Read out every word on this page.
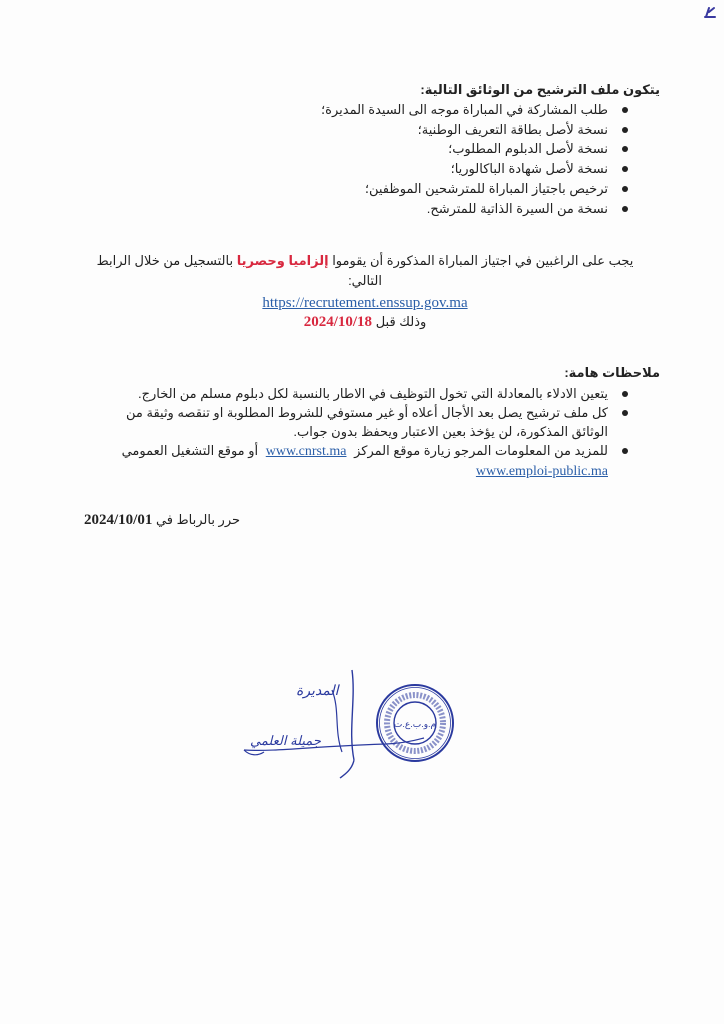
يتكون ملف الترشيح من الوثائق التالية:
طلب المشاركة في المباراة موجه الى السيدة المديرة؛
نسخة لأصل بطاقة التعريف الوطنية؛
نسخة لأصل الدبلوم المطلوب؛
نسخة لأصل شهادة الباكالوريا؛
ترخيص باجتياز المباراة للمترشحين الموظفين؛
نسخة من السيرة الذاتية للمترشح.
يجب على الراغبين في اجتياز المباراة المذكورة أن يقوموا إلزاميا وحصريا بالتسجيل من خلال الرابط التالي:
https://recrutement.enssup.gov.ma
وذلك قبل 2024/10/18
ملاحظات هامة:
يتعين الادلاء بالمعادلة التي تخول التوظيف في الاطار بالنسبة لكل دبلوم مسلم من الخارج.
كل ملف ترشيح يصل بعد الأجال أعلاه أو غير مستوفي للشروط المطلوبة او تنقصه وثيقة من الوثائق المذكورة، لن يؤخذ بعين الاعتبار ويحفظ بدون جواب.
للمزيد من المعلومات المرجو زيارة موقع المركز www.cnrst.ma أو موقع التشغيل العمومي
www.emploi-public.ma
حرر بالرباط في 2024/10/01
المديرة
جميلة العلمي
م.و.ب.ع.ت
